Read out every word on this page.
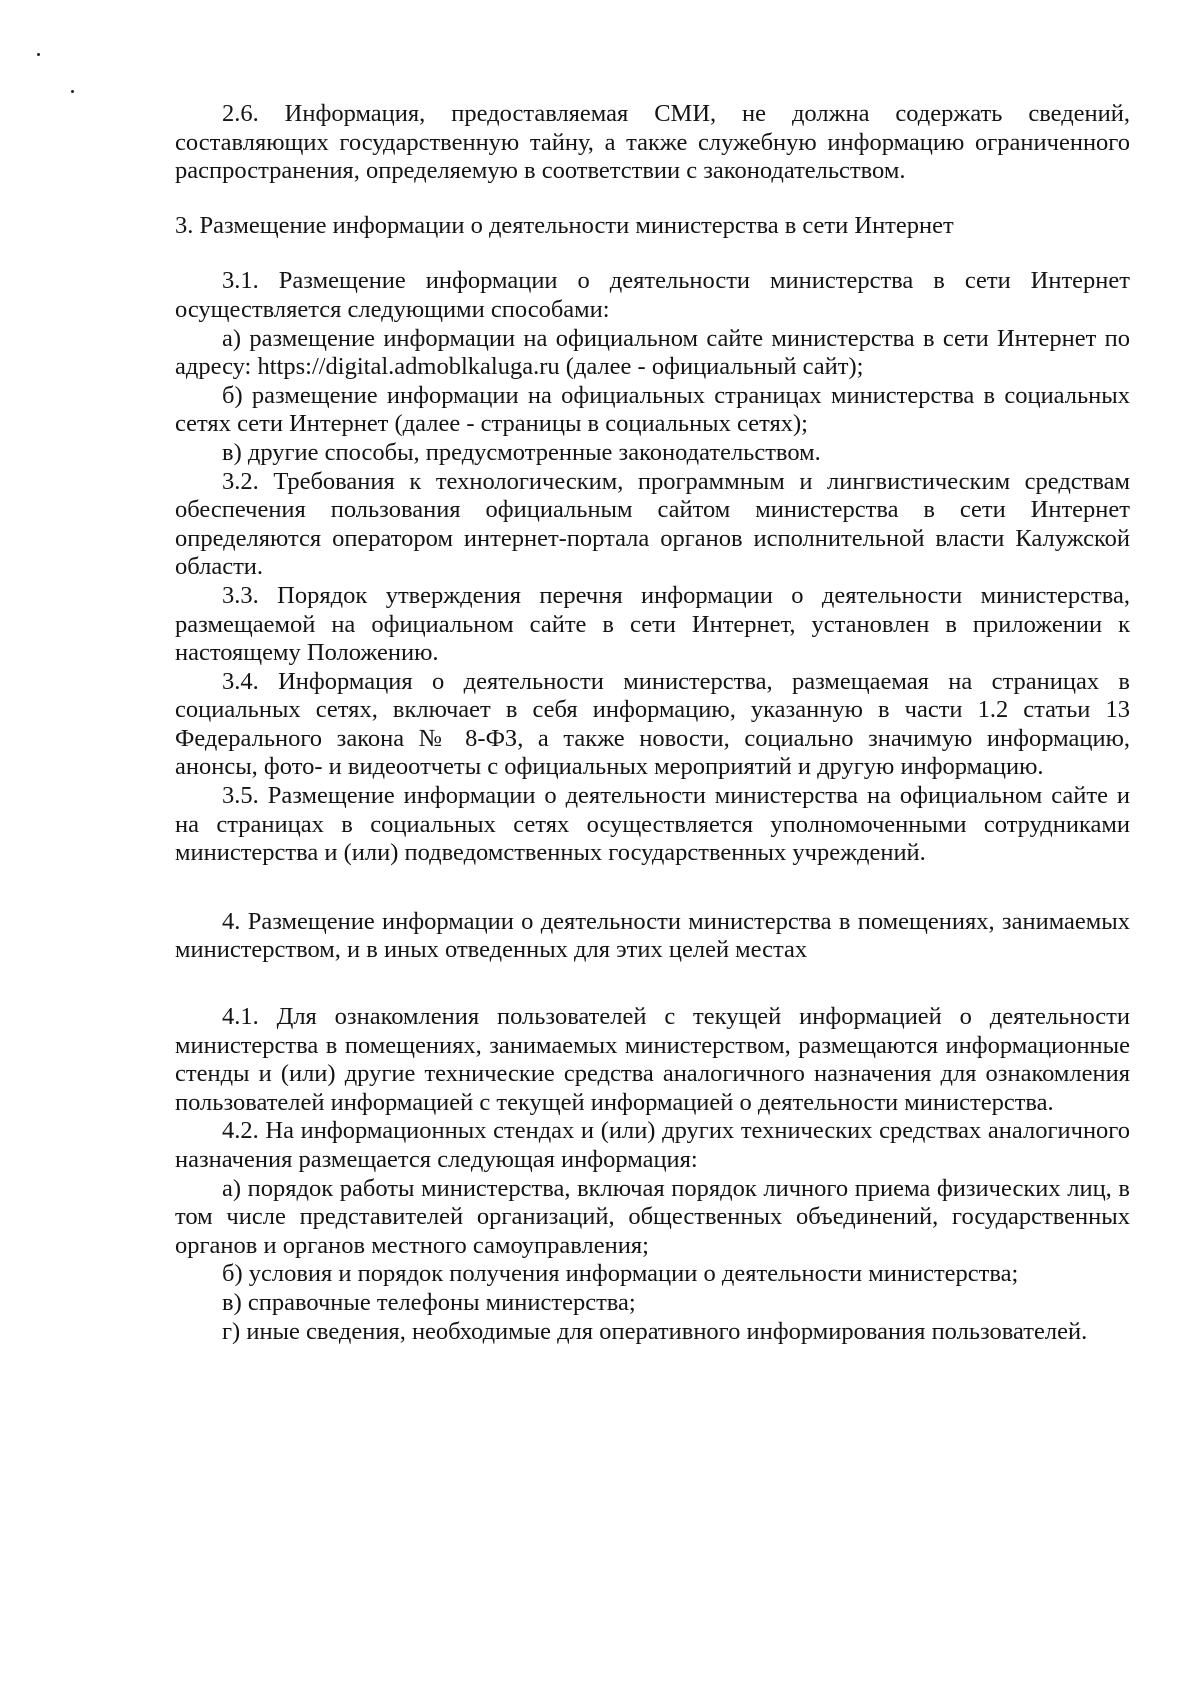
2.6. Информация, предоставляемая СМИ, не должна содержать сведений, составляющих государственную тайну, а также служебную информацию ограниченного распространения, определяемую в соответствии с законодательством.

3. Размещение информации о деятельности министерства в сети Интернет

3.1. Размещение информации о деятельности министерства в сети Интернет осуществляется следующими способами:

а) размещение информации на официальном сайте министерства в сети Интернет по адресу: https://digital.admoblkaluga.ru (далее - официальный сайт);

б) размещение информации на официальных страницах министерства в социальных сетях сети Интернет (далее - страницы в социальных сетях);

в) другие способы, предусмотренные законодательством.

3.2. Требования к технологическим, программным и лингвистическим средствам обеспечения пользования официальным сайтом министерства в сети Интернет определяются оператором интернет-портала органов исполнительной власти Калужской области.

3.3. Порядок утверждения перечня информации о деятельности министерства, размещаемой на официальном сайте в сети Интернет, установлен в приложении к настоящему Положению.

3.4. Информация о деятельности министерства, размещаемая на страницах в социальных сетях, включает в себя информацию, указанную в части 1.2 статьи 13 Федерального закона № 8-ФЗ, а также новости, социально значимую информацию, анонсы, фото- и видеоотчеты с официальных мероприятий и другую информацию.

3.5. Размещение информации о деятельности министерства на официальном сайте и на страницах в социальных сетях осуществляется уполномоченными сотрудниками министерства и (или) подведомственных государственных учреждений.

4. Размещение информации о деятельности министерства в помещениях, занимаемых министерством, и в иных отведенных для этих целей местах

4.1. Для ознакомления пользователей с текущей информацией о деятельности министерства в помещениях, занимаемых министерством, размещаются информационные стенды и (или) другие технические средства аналогичного назначения для ознакомления пользователей информацией с текущей информацией о деятельности министерства.

4.2. На информационных стендах и (или) других технических средствах аналогичного назначения размещается следующая информация:

а) порядок работы министерства, включая порядок личного приема физических лиц, в том числе представителей организаций, общественных объединений, государственных органов и органов местного самоуправления;

б) условия и порядок получения информации о деятельности министерства;

в) справочные телефоны министерства;

г) иные сведения, необходимые для оперативного информирования пользователей.
